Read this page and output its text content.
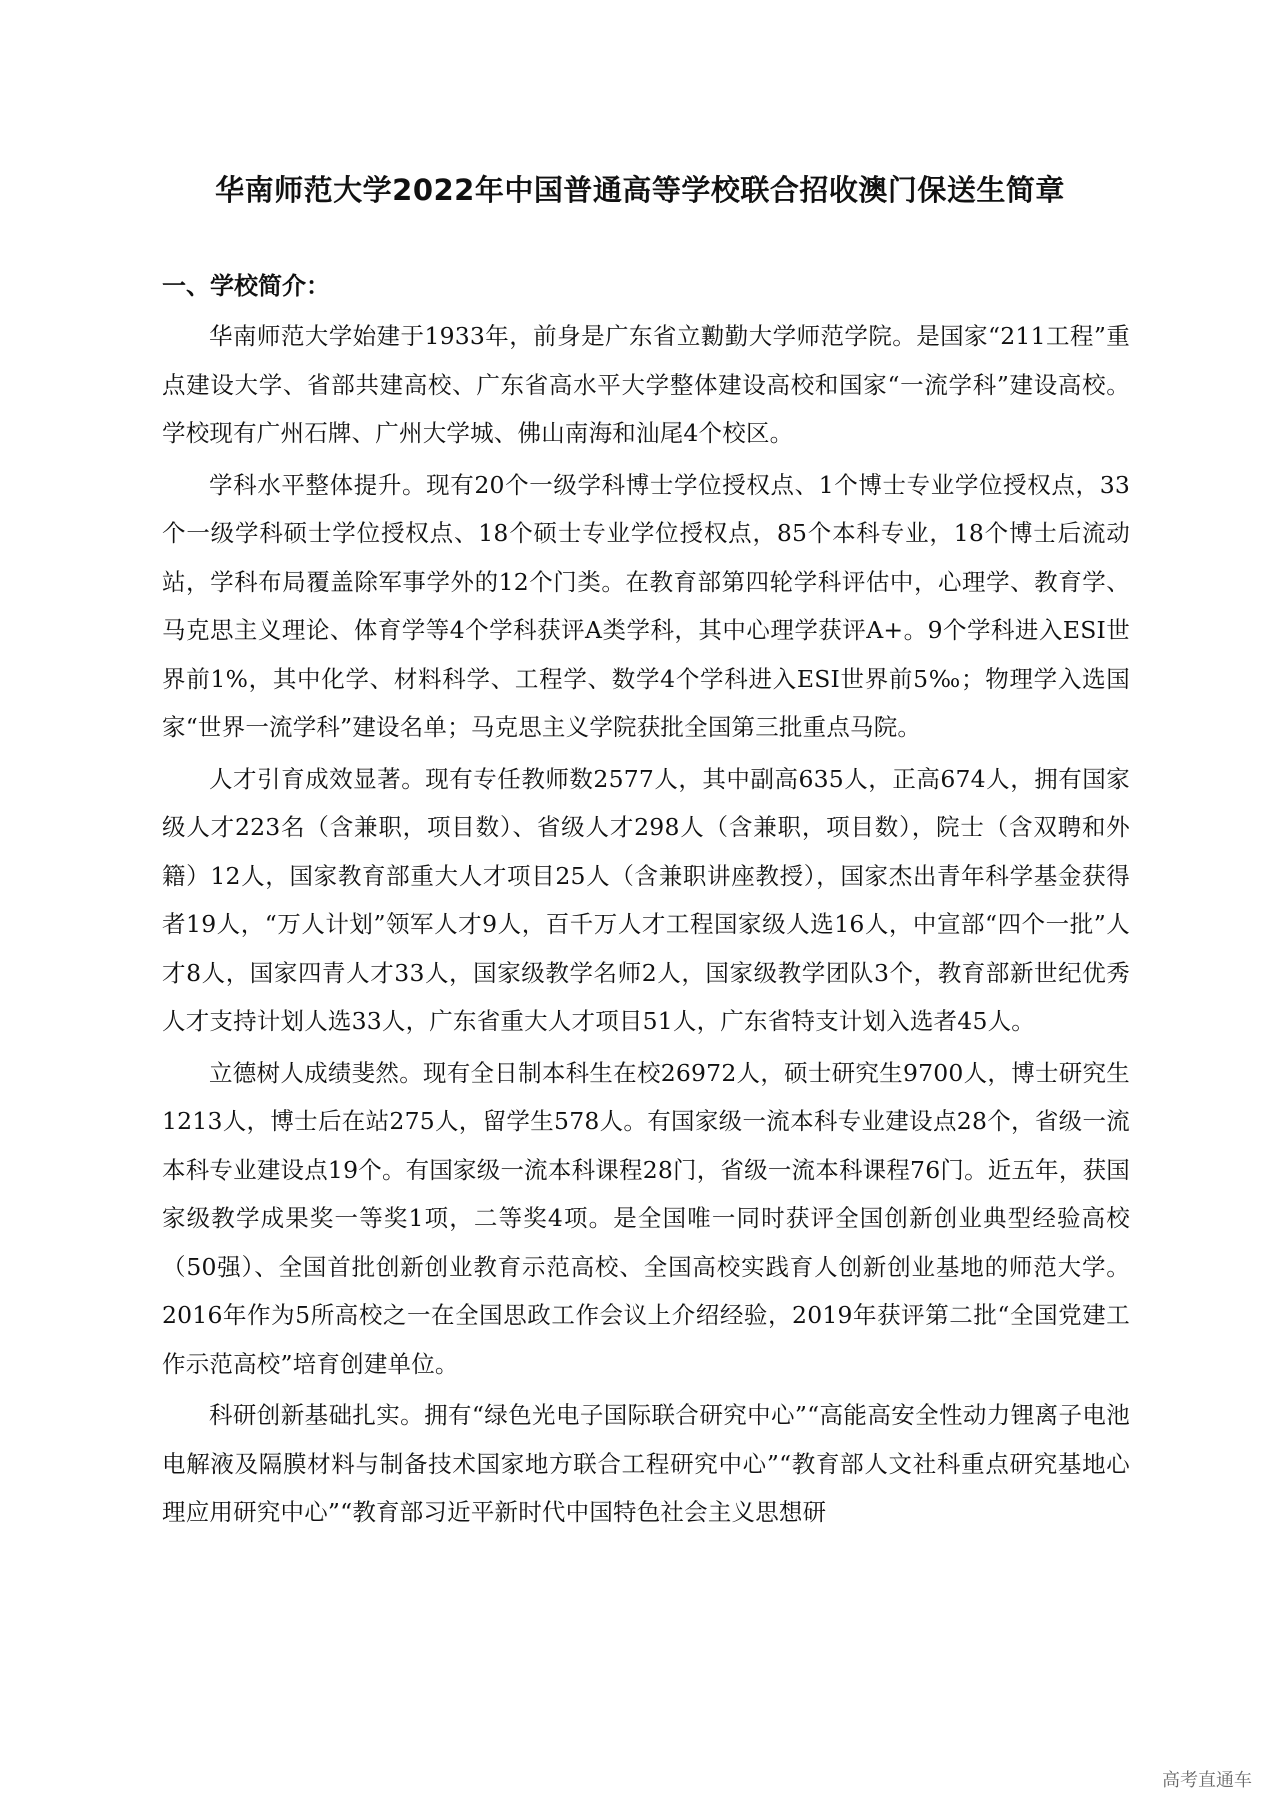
华南师范大学2022年中国普通高等学校联合招收澳门保送生简章
一、学校简介：

华南师范大学始建于1933年，前身是广东省立勷勤大学师范学院。是国家“211工程”重点建设大学、省部共建高校、广东省高水平大学整体建设高校和国家“一流学科”建设高校。学校现有广州石牌、广州大学城、佛山南海和汕尾4个校区。

学科水平整体提升。现有20个一级学科博士学位授权点、1个博士专业学位授权点，33个一级学科硕士学位授权点、18个硕士专业学位授权点，85个本科专业，18个博士后流动站，学科布局覆盖除军事学外的12个门类。在教育部第四轮学科评估中，心理学、教育学、马克思主义理论、体育学等4个学科获评A类学科，其中心理学获评A+。9个学科进入ESI世界前1%，其中化学、材料科学、工程学、数学4个学科进入ESI世界前5‰；物理学入选国家“世界一流学科”建设名单；马克思主义学院获批全国第三批重点马院。

人才引育成效显著。现有专任教师数2577人，其中副高635人，正高674人，拥有国家级人才223名（含兼职，项目数）、省级人才298人（含兼职，项目数），院士（含双聘和外籍）12人，国家教育部重大人才项目25人（含兼职讲座教授），国家杰出青年科学基金获得者19人，“万人计划”领军人才9人，百千万人才工程国家级人选16人，中宣部“四个一批”人才8人，国家四青人才33人，国家级教学名师2人，国家级教学团队3个，教育部新世纪优秀人才支持计划人选33人，广东省重大人才项目51人，广东省特支计划入选者45人。

立德树人成绩斐然。现有全日制本科生在校26972人，硕士研究生9700人，博士研究生1213人，博士后在站275人，留学生578人。有国家级一流本科专业建设点28个，省级一流本科专业建设点19个。有国家级一流本科课程28门，省级一流本科课程76门。近五年，获国家级教学成果奖一等奖1项，二等奖4项。是全国唯一同时获评全国创新创业典型经验高校（50强）、全国首批创新创业教育示范高校、全国高校实践育人创新创业基地的师范大学。2016年作为5所高校之一在全国思政工作会议上介绍经验，2019年获评第二批“全国党建工作示范高校”培育创建单位。

科研创新基础扎实。拥有“绿色光电子国际联合研究中心”“高能高安全性动力锂离子电池电解液及隔膜材料与制备技术国家地方联合工程研究中心”“教育部人文社科重点研究基地心理应用研究中心”“教育部习近平新时代中国特色社会主义思想研

高考直通车
